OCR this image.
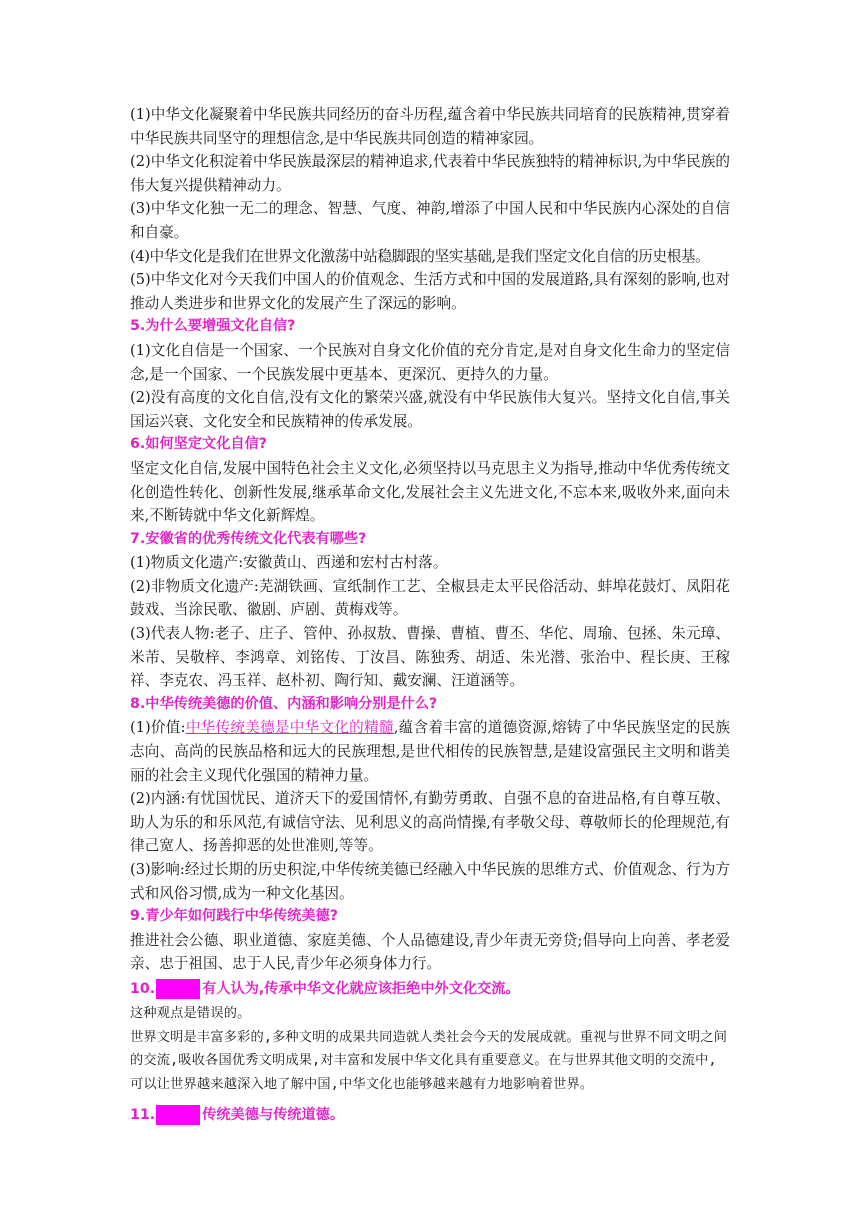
(1)中华文化凝聚着中华民族共同经历的奋斗历程,蕴含着中华民族共同培育的民族精神,贯穿着中华民族共同坚守的理想信念,是中华民族共同创造的精神家园。

(2)中华文化积淀着中华民族最深层的精神追求,代表着中华民族独特的精神标识,为中华民族的伟大复兴提供精神动力。

(3)中华文化独一无二的理念、智慧、气度、神韵,增添了中国人民和中华民族内心深处的自信和自豪。

(4)中华文化是我们在世界文化激荡中站稳脚跟的坚实基础,是我们坚定文化自信的历史根基。

(5)中华文化对今天我们中国人的价值观念、生活方式和中国的发展道路,具有深刻的影响,也对推动人类进步和世界文化的发展产生了深远的影响。

5.为什么要增强文化自信?

(1)文化自信是一个国家、一个民族对自身文化价值的充分肯定,是对自身文化生命力的坚定信念,是一个国家、一个民族发展中更基本、更深沉、更持久的力量。

(2)没有高度的文化自信,没有文化的繁荣兴盛,就没有中华民族伟大复兴。坚持文化自信,事关国运兴衰、文化安全和民族精神的传承发展。

6.如何坚定文化自信?

坚定文化自信,发展中国特色社会主义文化,必须坚持以马克思主义为指导,推动中华优秀传统文化创造性转化、创新性发展,继承革命文化,发展社会主义先进文化,不忘本来,吸收外来,面向未来,不断铸就中华文化新辉煌。

7.安徽省的优秀传统文化代表有哪些?

(1)物质文化遗产:安徽黄山、西递和宏村古村落。

(2)非物质文化遗产:芜湖铁画、宣纸制作工艺、全椒县走太平民俗活动、蚌埠花鼓灯、凤阳花鼓戏、当涂民歌、徽剧、庐剧、黄梅戏等。

(3)代表人物:老子、庄子、管仲、孙叔敖、曹操、曹植、曹丕、华佗、周瑜、包拯、朱元璋、米芾、吴敬梓、李鸿章、刘铭传、丁汝昌、陈独秀、胡适、朱光潜、张治中、程长庚、王稼祥、李克农、冯玉祥、赵朴初、陶行知、戴安澜、汪道涵等。

8.中华传统美德的价值、内涵和影响分别是什么?

(1)价值:中华传统美德是中华文化的精髓,蕴含着丰富的道德资源,熔铸了中华民族坚定的民族志向、高尚的民族品格和远大的民族理想,是世代相传的民族智慧,是建设富强民主文明和谐美丽的社会主义现代化强国的精神力量。

(2)内涵:有忧国忧民、道济天下的爱国情怀,有勤劳勇敢、自强不息的奋进品格,有自尊互敬、助人为乐的和乐风范,有诚信守法、见利思义的高尚情操,有孝敬父母、尊敬师长的伦理规范,有律己宽人、扬善抑恶的处世准则,等等。

(3)影响:经过长期的历史积淀,中华传统美德已经融入中华民族的思维方式、价值观念、行为方式和风俗习惯,成为一种文化基因。

9.青少年如何践行中华传统美德?

推进社会公德、职业道德、家庭美德、个人品德建设,青少年责无旁贷;倡导向上向善、孝老爱亲、忠于祖国、忠于人民,青少年必须身体力行。

10.	有人认为,传承中华文化就应该拒绝中外文化交流。

这种观点是错误的。

世界文明是丰富多彩的,多种文明的成果共同造就人类社会今天的发展成就。重视与世界不同文明之间的交流,吸收各国优秀文明成果,对丰富和发展中华文化具有重要意义。在与世界其他文明的交流中,可以让世界越来越深入地了解中国,中华文化也能够越来越有力地影响着世界。

11.	传统美德与传统道德。
